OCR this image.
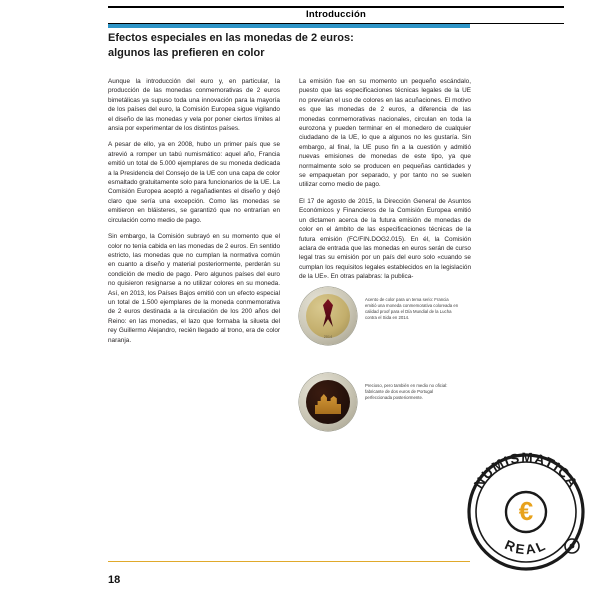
Introducción
Efectos especiales en las monedas de 2 euros:
algunos las prefieren en color

Aunque la introducción del euro y, en particular, la producción de las monedas conmemorativas de 2 euros bimetálicas ya supuso toda una innovación para la mayoría de los países del euro, la Comisión Europea sigue vigilando el diseño de las monedas y vela por poner ciertos límites al ansia por experimentar de los distintos países.

A pesar de ello, ya en 2008, hubo un primer país que se atrevió a romper un tabú numismático: aquel año, Francia emitió un total de 5.000 ejemplares de su moneda dedicada a la Presidencia del Consejo de la UE con una capa de color esmaltado gratuitamente solo para funcionarios de la UE. La Comisión Europea aceptó a regañadientes el diseño y dejó claro que sería una excepción. Como las monedas se emitieron en bláisteres, se garantizó que no entrarían en circulación como medio de pago.

Sin embargo, la Comisión subrayó en su momento que el color no tenía cabida en las monedas de 2 euros. En sentido estricto, las monedas que no cumplan la normativa común en cuanto a diseño y material posteriormente, perderán su condición de medio de pago. Pero algunos países del euro no quisieron resignarse a no utilizar colores en su moneda. Así, en 2013, los Países Bajos emitió con un efecto especial un total de 1.500 ejemplares de la moneda conmemorativa de 2 euros destinada a la circulación de los 200 años del Reino: en las monedas, el lazo que formaba la silueta del rey Guillermo Alejandro, recién llegado al trono, era de color naranja.

La emisión fue en su momento un pequeño escándalo, puesto que las especificaciones técnicas legales de la UE no preveían el uso de colores en las acuñaciones. El motivo es que las monedas de 2 euros, a diferencia de las monedas conmemorativas nacionales, circulan en toda la eurozona y pueden terminar en el monedero de cualquier ciudadano de la UE, lo que a algunos no les gustaría. Sin embargo, al final, la UE puso fin a la cuestión y admitió nuevas emisiones de monedas de este tipo, ya que normalmente solo se producen en pequeñas cantidades y se empaquetan por separado, y por tanto no se suelen utilizar como medio de pago.

El 17 de agosto de 2015, la Dirección General de Asuntos Económicos y Financieros de la Comisión Europea emitió un dictamen acerca de la futura emisión de monedas de color en el ámbito de las especificaciones técnicas de la futura emisión (FC/FIN.DOG2.015). En él, la Comisión aclara de entrada que las monedas en euros serán de curso legal tras su emisión por un país del euro solo «cuando se cumplan los requisitos legales establecidos en la legislación de la UE». En otras palabras: la publica-

2014
Acento de color para un tema serio: Francia emitió una moneda conmemorativa coloreada en calidad proof para el Día Mundial de la Lucha contra el Sida en 2014.
Precioso, pero también en medio no oficial: fabricante de dos euros de Portugal perfeccionada posteriormente.
18
NUMISMATICA
REAL
€
